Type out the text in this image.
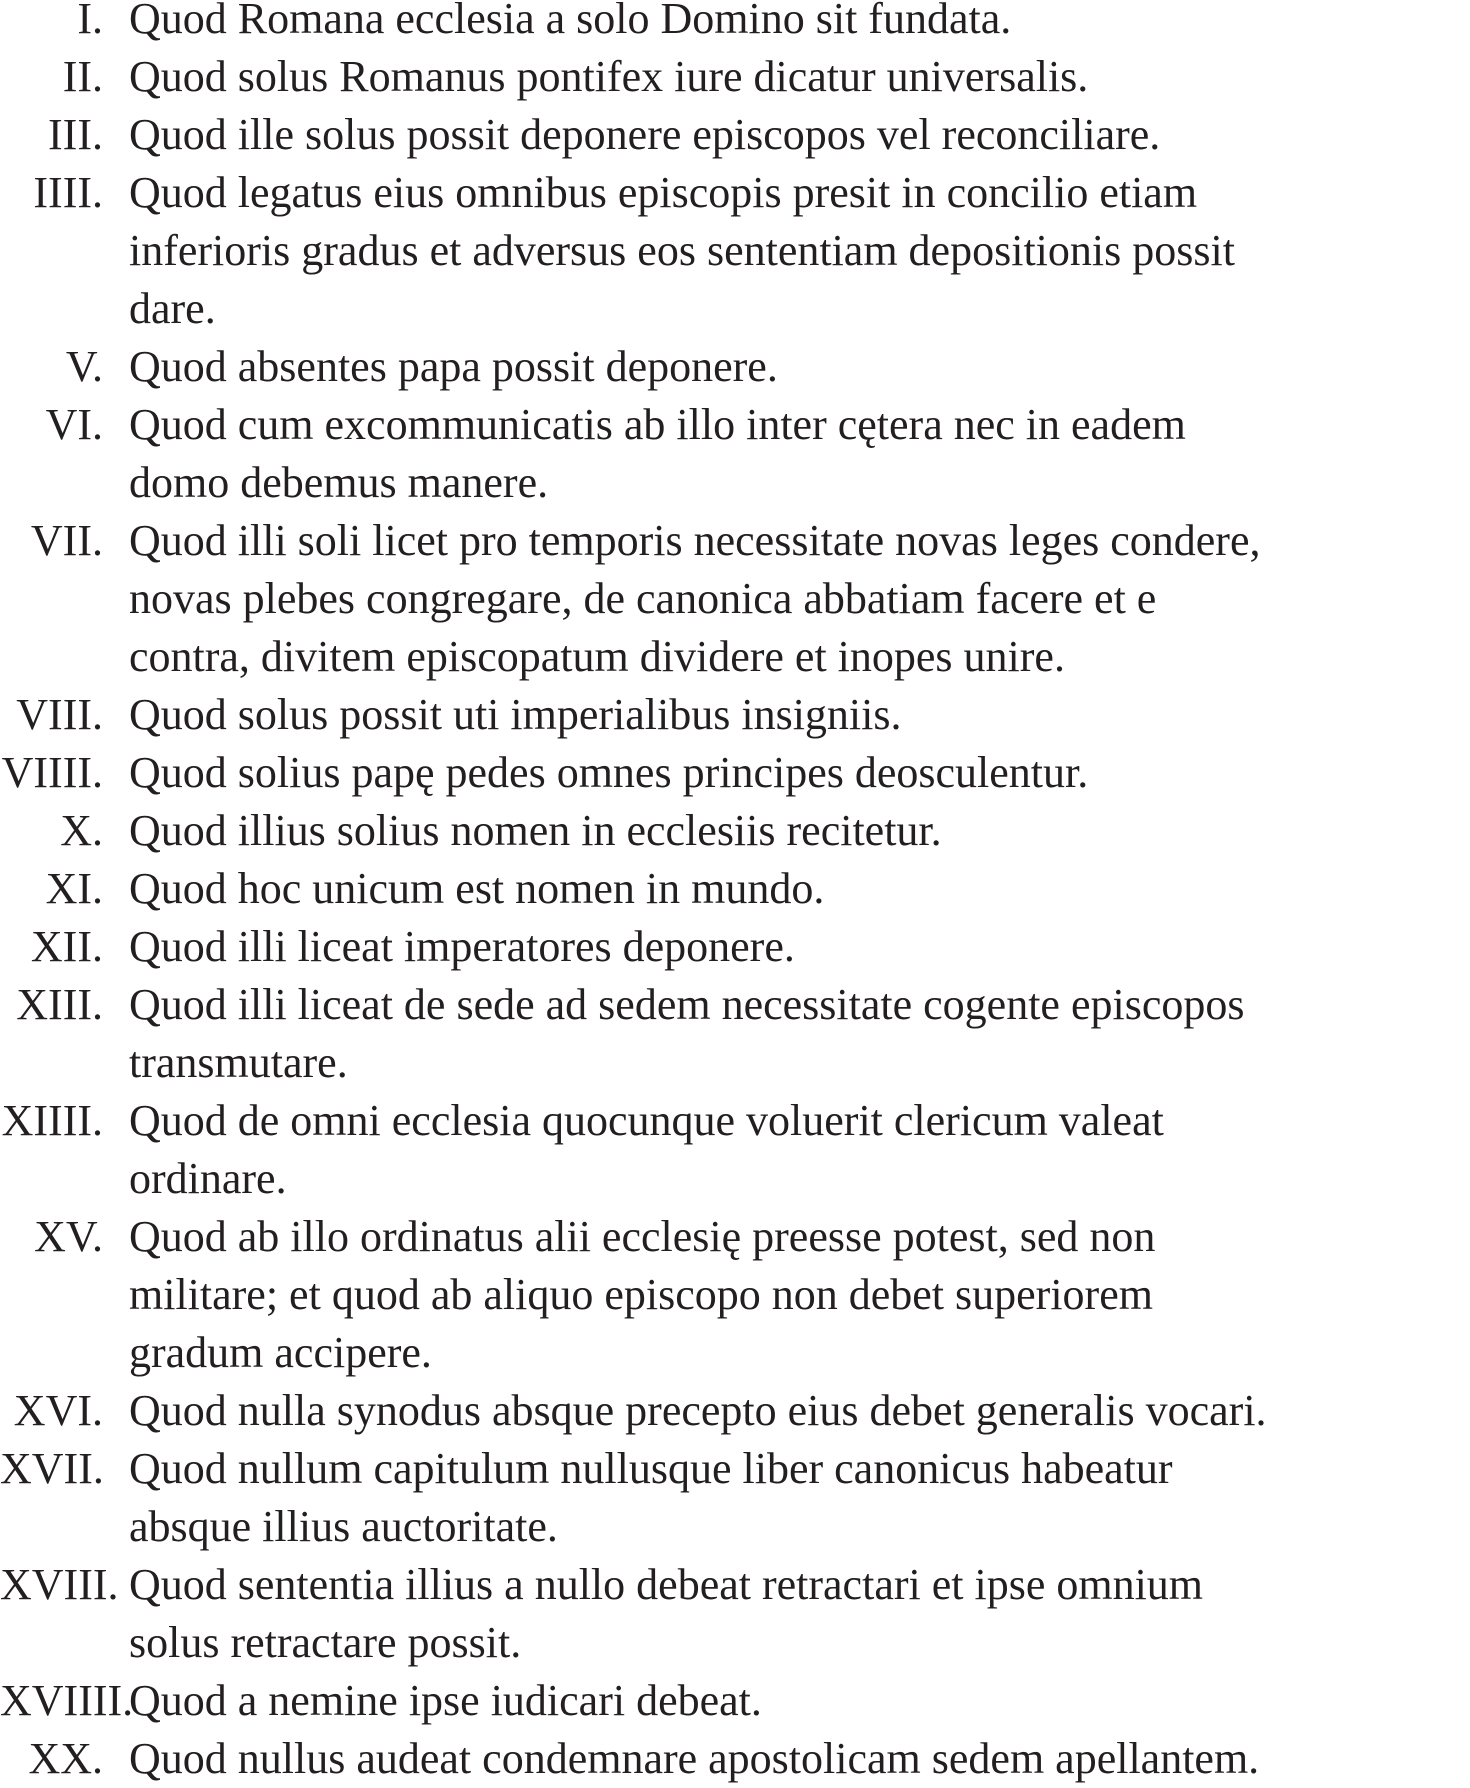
I. Quod Romana ecclesia a solo Domino sit fundata.
II. Quod solus Romanus pontifex iure dicatur universalis.
III. Quod ille solus possit deponere episcopos vel reconciliare.
IIII. Quod legatus eius omnibus episcopis presit in concilio etiam
inferioris gradus et adversus eos sententiam depositionis possit
dare.
V. Quod absentes papa possit deponere.
VI. Quod cum excommunicatis ab illo inter cętera nec in eadem
domo debemus manere.
VII. Quod illi soli licet pro temporis necessitate novas leges condere,
novas plebes congregare, de canonica abbatiam facere et e
contra, divitem episcopatum dividere et inopes unire.
VIII. Quod solus possit uti imperialibus insigniis.
VIIII. Quod solius papę pedes omnes principes deosculentur.
X. Quod illius solius nomen in ecclesiis recitetur.
XI. Quod hoc unicum est nomen in mundo.
XII. Quod illi liceat imperatores deponere.
XIII. Quod illi liceat de sede ad sedem necessitate cogente episcopos
transmutare.
XIIII. Quod de omni ecclesia quocunque voluerit clericum valeat
ordinare.
XV. Quod ab illo ordinatus alii ecclesię preesse potest, sed non
militare; et quod ab aliquo episcopo non debet superiorem
gradum accipere.
XVI. Quod nulla synodus absque precepto eius debet generalis vocari.
XVII. Quod nullum capitulum nullusque liber canonicus habeatur
absque illius auctoritate.
XVIII. Quod sententia illius a nullo debeat retractari et ipse omnium
solus retractare possit.
XVIIII.
Quod a nemine ipse iudicari debeat.
XX. Quod nullus audeat condemnare apostolicam sedem apellantem.
